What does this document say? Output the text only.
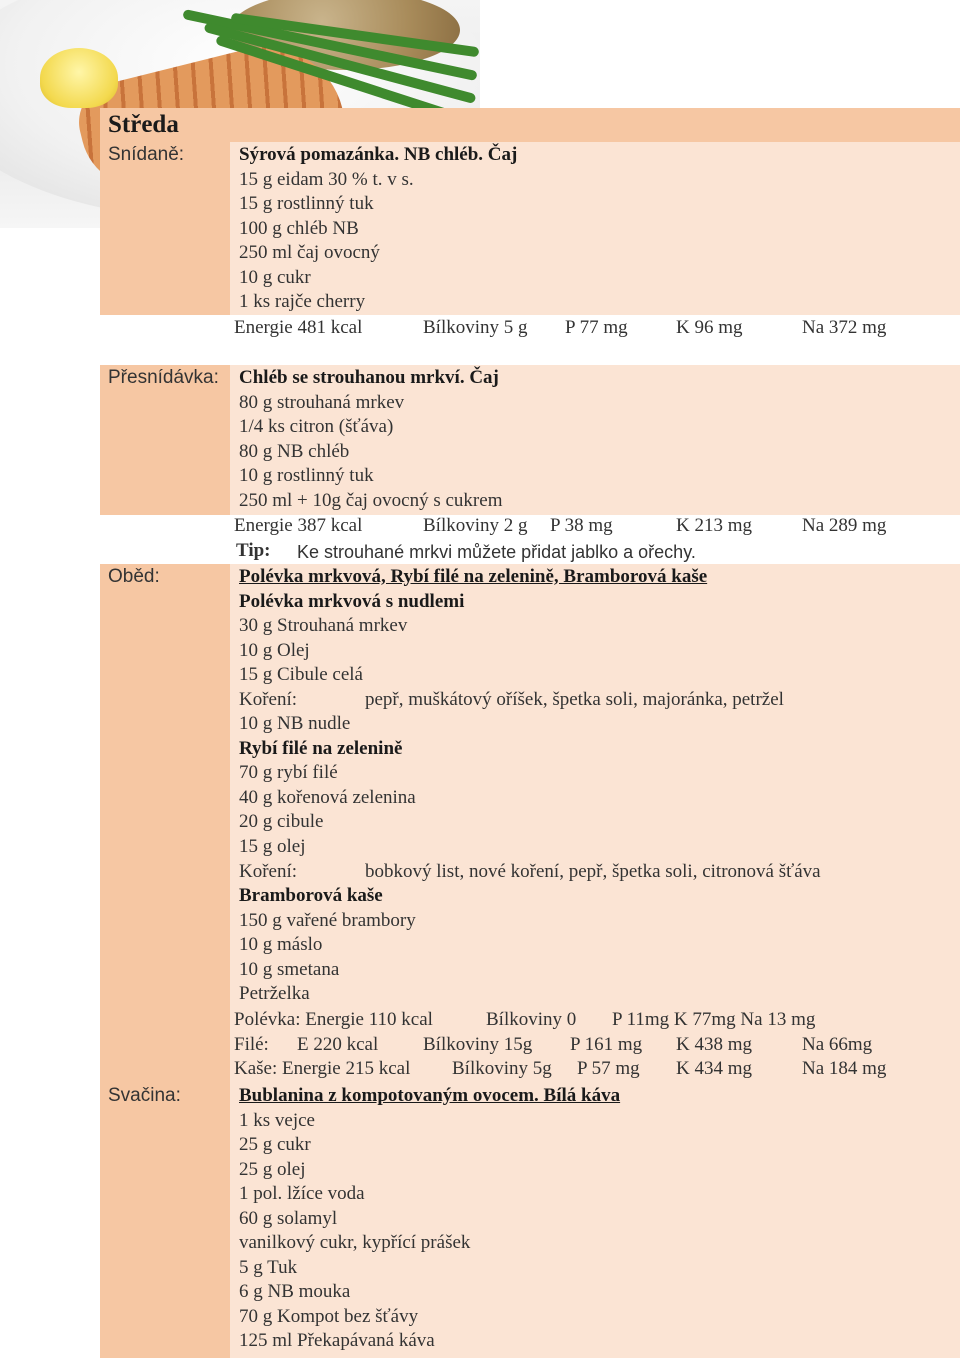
Středa
Snídaně:	Sýrová pomazánka. NB chléb. Čaj
15 g eidam 30 % t. v s.
15 g rostlinný tuk
100 g chléb NB
250 ml čaj ovocný
10 g cukr
1 ks rajče cherry
Energie 481 kcal	Bílkoviny 5 g P 77 mg	K 96 mg	Na 372 mg
Přesnídávka: Chléb se strouhanou mrkví. Čaj
80 g strouhaná mrkev
1/4 ks citron (šťáva)
80 g NB chléb
10 g rostlinný tuk
250 ml + 10g čaj ovocný s cukrem
Energie 387 kcal	Bílkoviny 2 g P 38 mg	K 213 mg	Na 289 mg
Tip: Ke strouhané mrkvi můžete přidat jablko a ořechy.
Oběd:	Polévka mrkvová, Rybí filé na zelenině, Bramborová kaše
Polévka mrkvová s nudlemi
30 g Strouhaná mrkev
10 g Olej
15 g Cibule celá
Koření:	pepř, muškátový oříšek, špetka soli, majoránka, petržel
10 g NB nudle
Rybí filé na zelenině
70 g rybí filé
40 g kořenová zelenina
20 g cibule
15 g olej
Koření:	bobkový list, nové koření, pepř, špetka soli, citronová šťáva
Bramborová kaše
150 g vařené brambory
10 g máslo
10 g smetana
Petrželka
Polévka: Energie 110 kcal	Bílkoviny 0 P 11mg K 77mg Na 13 mg
Filé: E 220 kcal Bílkoviny 15g P 161 mg K 438 mg	Na 66mg
Kaše: Energie 215 kcal Bílkoviny 5g P 57 mg K 434 mg	Na 184 mg
Svačina:	Bublanina z kompotovaným ovocem. Bílá káva
1 ks vejce
25 g cukr
25 g olej
1 pol. lžíce voda
60 g solamyl
vanilkový cukr, kypřící prášek
5 g Tuk
6 g NB mouka
70 g Kompot bez šťávy
125 ml Překapávaná káva
